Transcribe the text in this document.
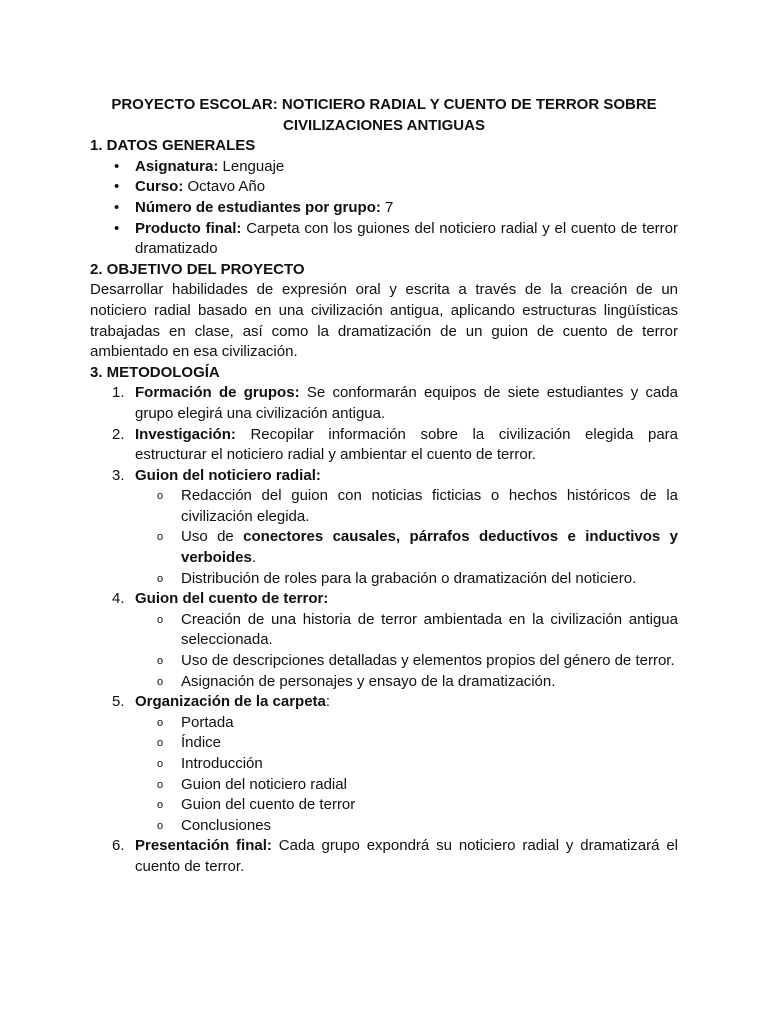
PROYECTO ESCOLAR: NOTICIERO RADIAL Y CUENTO DE TERROR SOBRE
CIVILIZACIONES ANTIGUAS
1. DATOS GENERALES
• Asignatura: Lenguaje
• Curso: Octavo Año
• Número de estudiantes por grupo: 7
• Producto final: Carpeta con los guiones del noticiero radial y el cuento de terror dramatizado
2. OBJETIVO DEL PROYECTO

Desarrollar habilidades de expresión oral y escrita a través de la creación de un noticiero radial basado en una civilización antigua, aplicando estructuras lingüísticas trabajadas en clase, así como la dramatización de un guion de cuento de terror ambientado en esa civilización.

3. METODOLOGÍA
1. Formación de grupos: Se conformarán equipos de siete estudiantes y cada grupo elegirá una civilización antigua.
2. Investigación: Recopilar información sobre la civilización elegida para estructurar el noticiero radial y ambientar el cuento de terror.
3. Guion del noticiero radial:
o Redacción del guion con noticias ficticias o hechos históricos de la civilización elegida.
o Uso de conectores causales, párrafos deductivos e inductivos y verboides.
o Distribución de roles para la grabación o dramatización del noticiero.
4. Guion del cuento de terror:
o Creación de una historia de terror ambientada en la civilización antigua seleccionada.
o Uso de descripciones detalladas y elementos propios del género de terror.
o Asignación de personajes y ensayo de la dramatización.
5. Organización de la carpeta:
o Portada
o Índice
o Introducción
o Guion del noticiero radial
o Guion del cuento de terror
o Conclusiones
6. Presentación final: Cada grupo expondrá su noticiero radial y dramatizará el cuento de terror.
